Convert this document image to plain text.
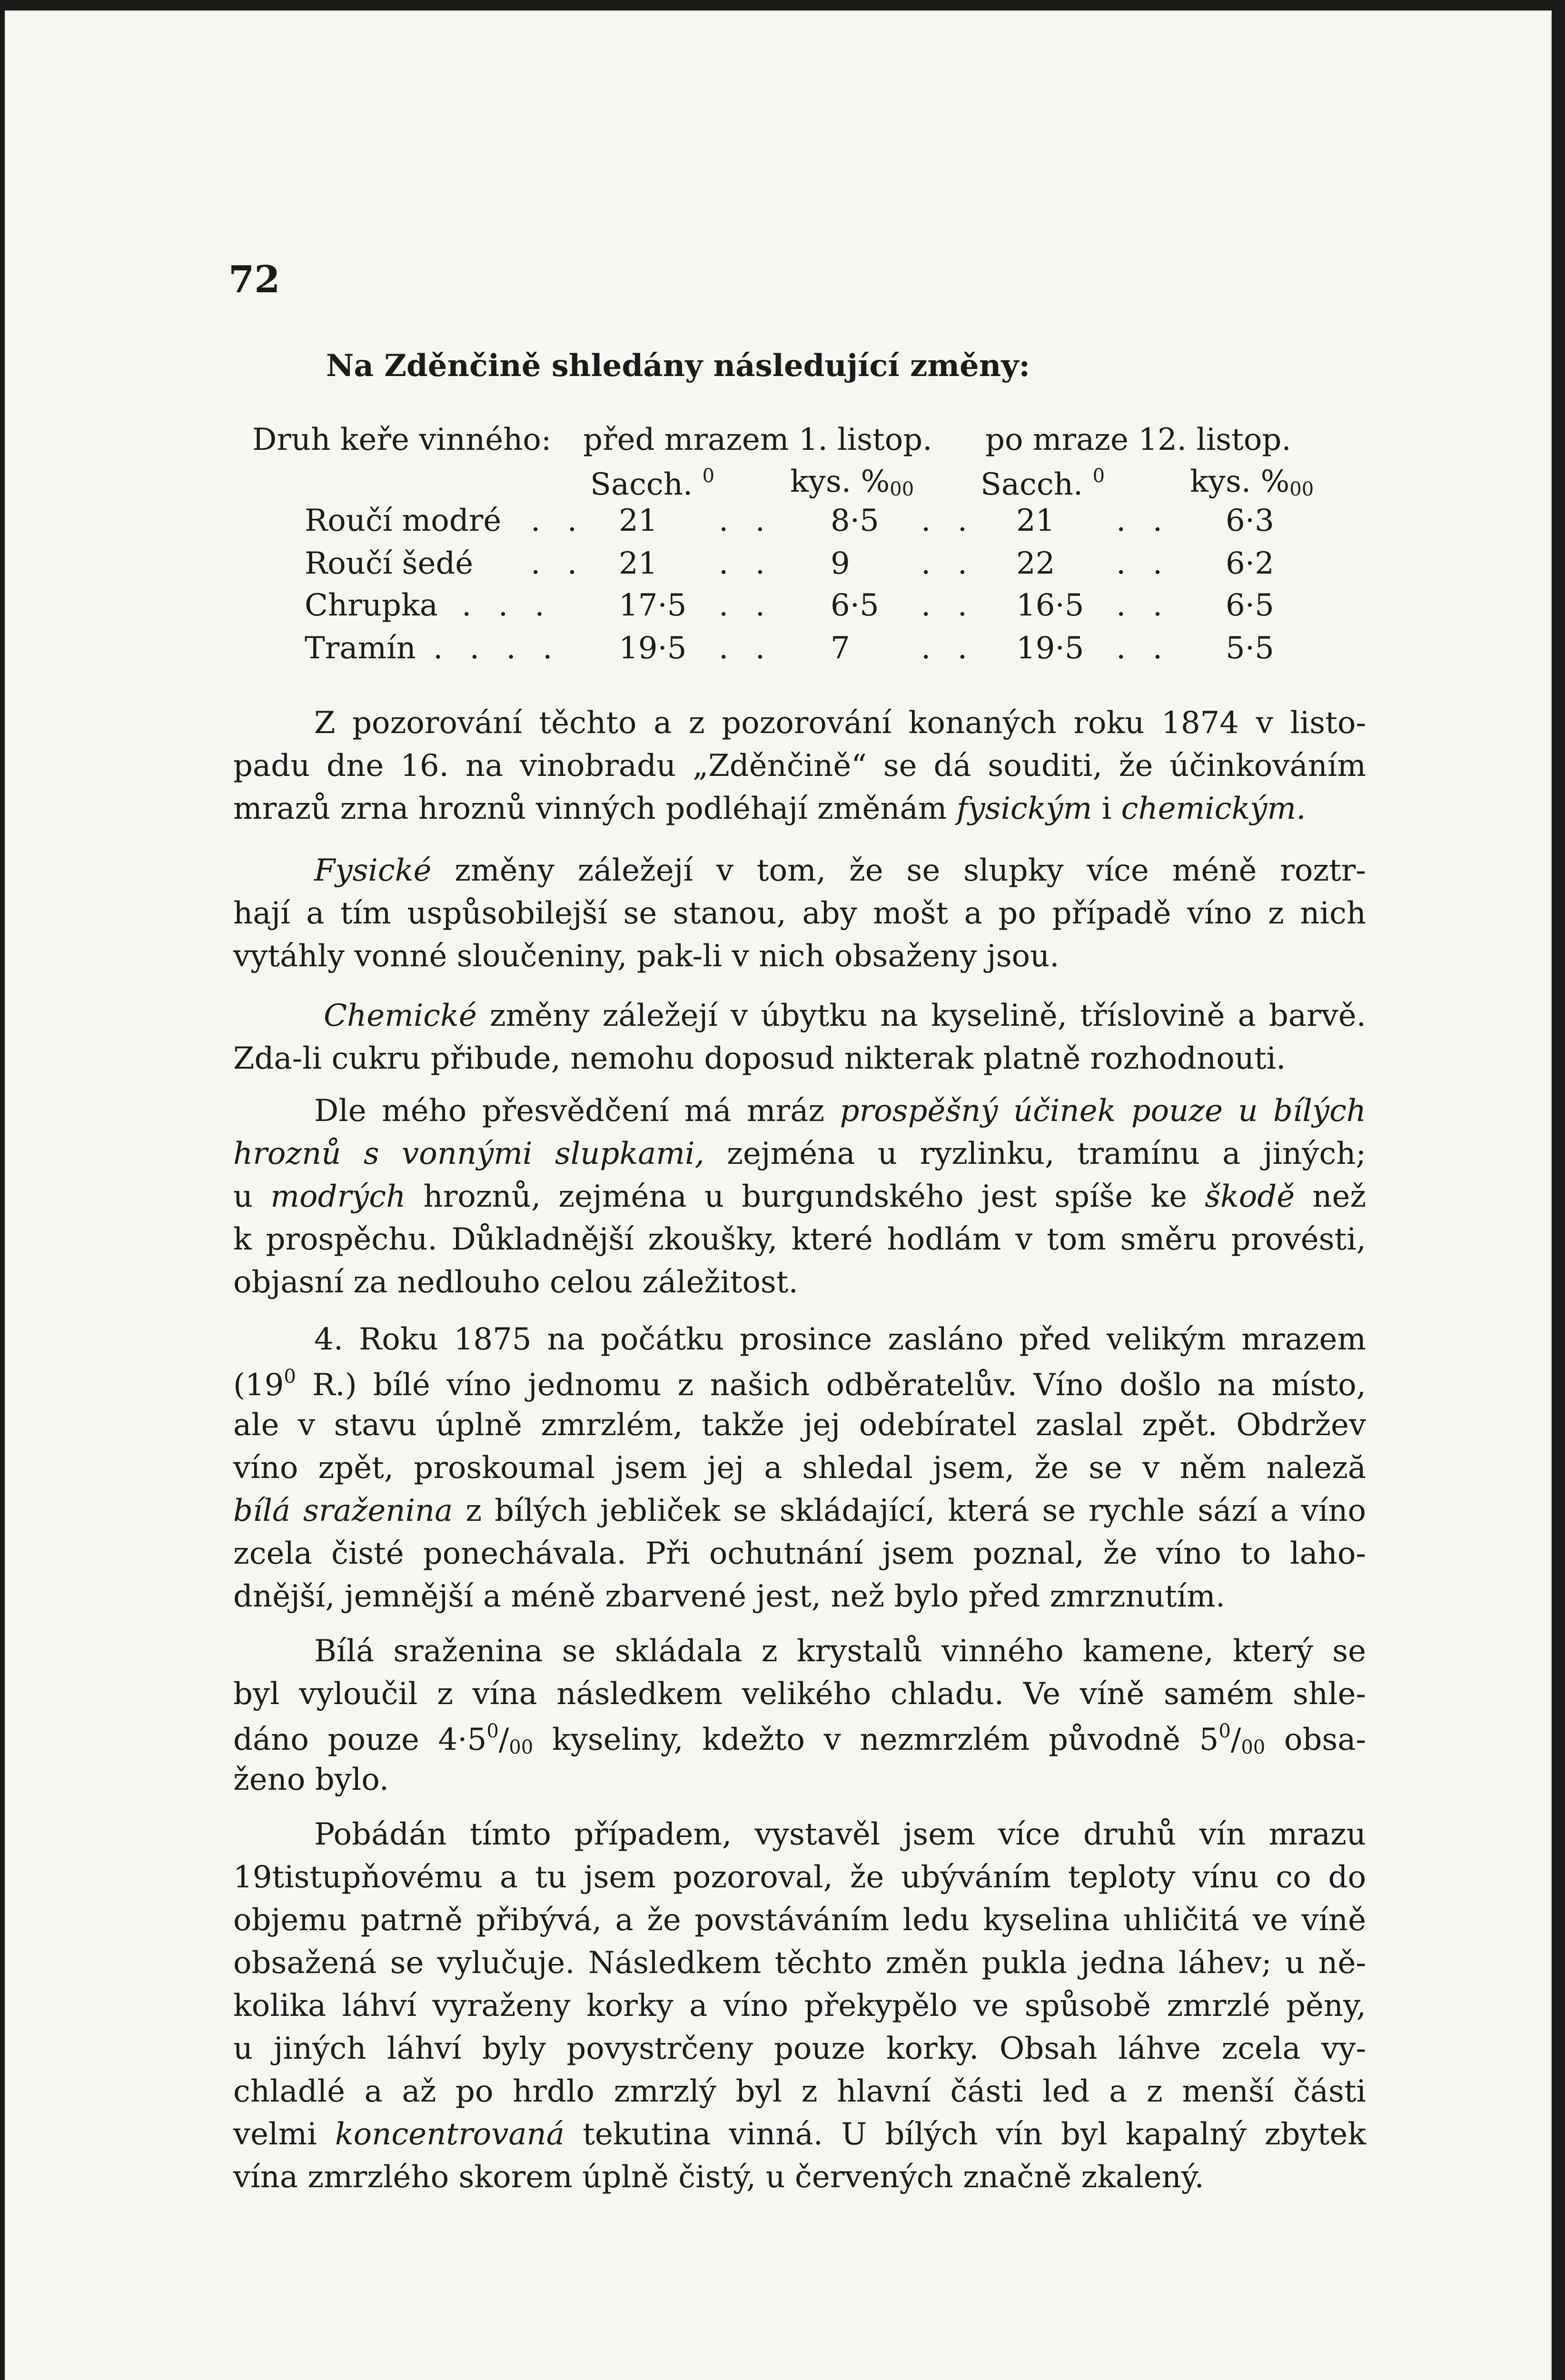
72
Na Zděnčině shledány následující změny:
Druh keře vinného: před mrazem 1. listop. po mraze 12. listop.
Sacch. $^0$ kys. %00 Sacch. $^0$	kys. %00
Roučí modré . . 21 . . 8·5 . . 21 . . 6·3
Roučí šedé . . 21 . . 9 . . 22 . . 6·2
Chrupka . . . 17·5 . . 6·5 . . 16·5 . . 6·5
Tramín . . . . 19·5 . . 7 . . 19·5 . . 5·5
Z pozorování těchto a z pozorování konaných roku 1874 v listo-
padu dne 16. na vinobradu „Zděnčině“ se dá souditi, že účinkováním
mrazů zrna hroznů vinných podléhají změnám fysickým i chemickým.
Fysické změny záležejí v tom, že se slupky více méně roztr-
hají a tím uspůsobilejší se stanou, aby mošt a po případě víno z nich
vytáhly vonné sloučeniny, pak-li v nich obsaženy jsou.
Chemické změny záležejí v úbytku na kyselině, tříslovině a barvě.
Zda-li cukru přibude, nemohu doposud nikterak platně rozhodnouti.
Dle mého přesvědčení má mráz prospěšný účinek pouze u bílých
hroznů s vonnými slupkami, zejména u ryzlinku, tramínu a jiných;
u modrých hroznů, zejména u burgundského jest spíše ke škodě než
k prospěchu. Důkladnější zkoušky, které hodlám v tom směru provésti,
objasní za nedlouho celou záležitost.
4. Roku 1875 na počátku prosince zasláno před velikým mrazem
($19^0$ R.) bílé víno jednomu z našich odběratelův. Víno došlo na místo,
ale v stavu úplně zmrzlém, takže jej odebíratel zaslal zpět. Obdržev
víno zpět, proskoumal jsem jej a shledal jsem, že se v něm naleză
bílá sraženina z bílých jebliček se skládající, která se rychle sází a víno
zcela čisté ponechávala. Při ochutnání jsem poznal, že víno to laho-
dnější, jemnější a méně zbarvené jest, než bylo před zmrznutím.
Bílá sraženina se skládala z krystalů vinného kamene, který se
byl vyloučil z vína následkem velikého chladu. Ve víně samém shle-
dáno pouze $4\cdot 5^0/00$ kyseliny, kdežto v nezmrzlém původně $5^0/00$ obsa-
ženo bylo.
Pobádán tímto případem, vystavěl jsem více druhů vín mrazu
19tistupňovému a tu jsem pozoroval, že ubýváním teploty vínu co do
objemu patrně přibývá, a že povstáváním ledu kyselina uhličitá ve víně
obsažená se vylučuje. Následkem těchto změn pukla jedna láhev; u ně-
kolika láhví vyraženy korky a víno překypělo ve spůsobě zmrzlé pěny,
u jiných láhví byly povystrčeny pouze korky. Obsah láhve zcela vy-
chladlé a až po hrdlo zmrzlý byl z hlavní části led a z menší části
velmi koncentrovaná tekutina vinná. U bílých vín byl kapalný zbytek
vína zmrzlého skorem úplně čistý, u červených značně zkalený.
